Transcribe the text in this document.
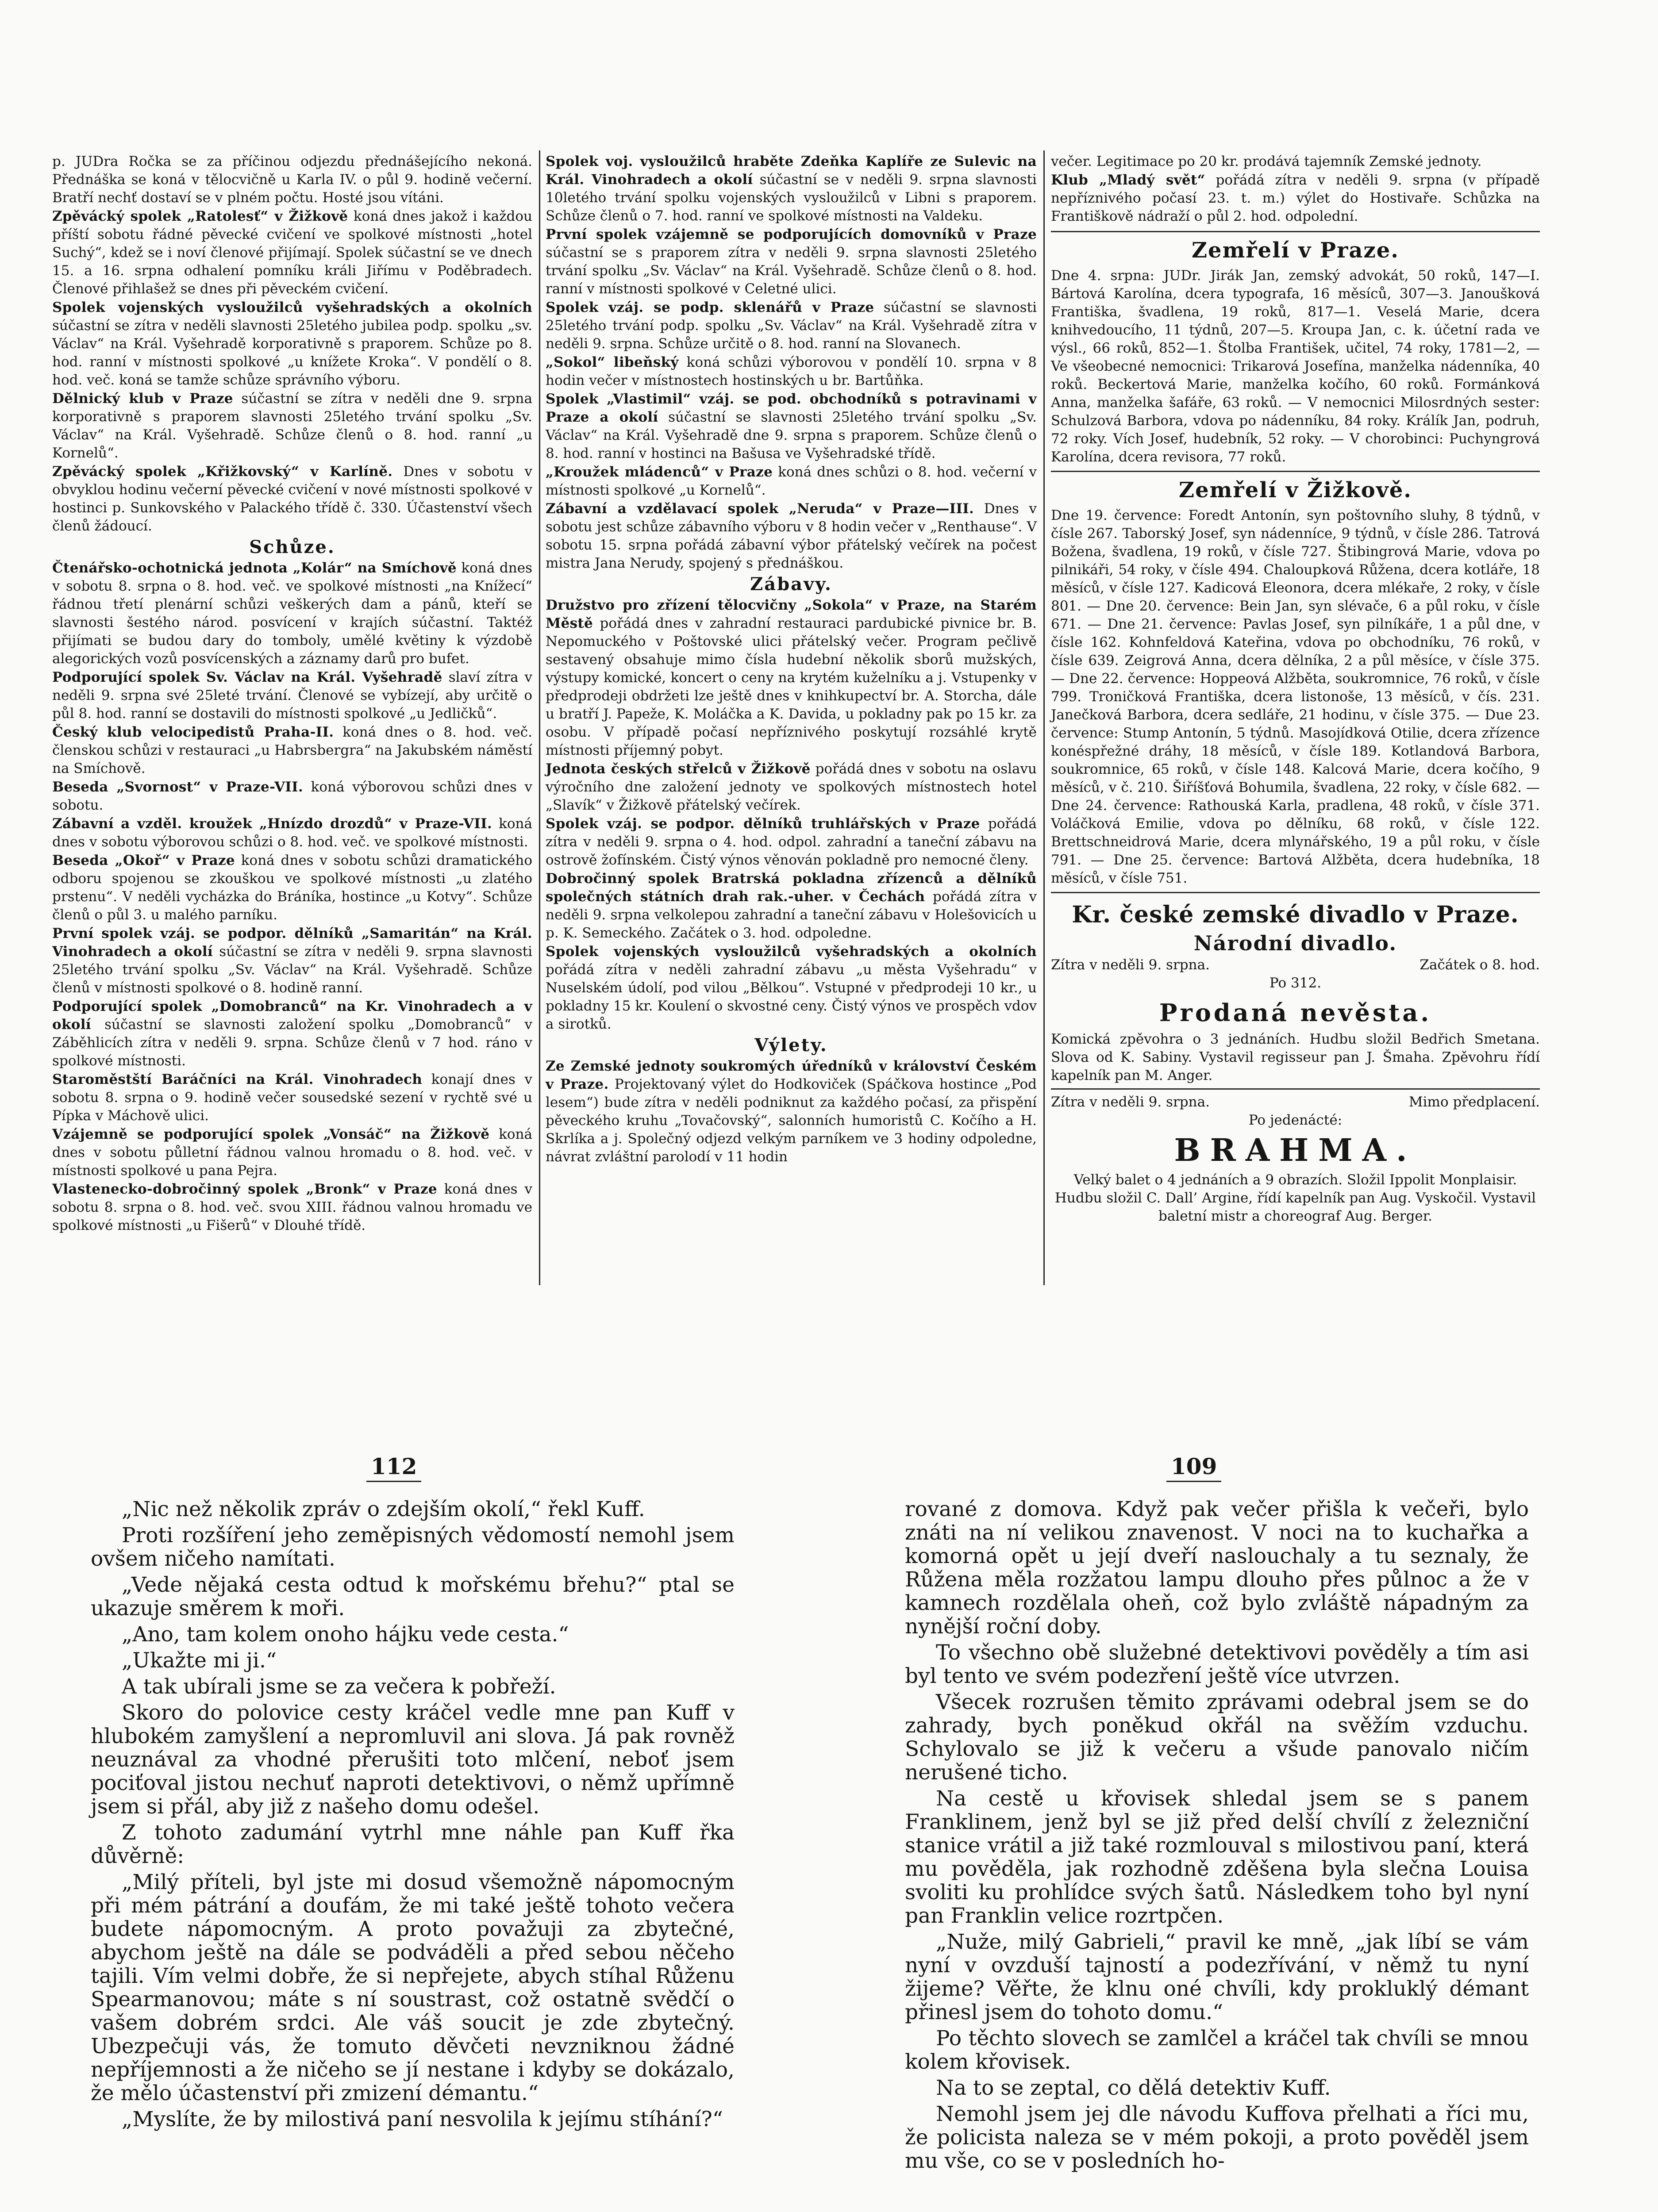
p. JUDra Ročka se za příčinou odjezdu přednášejícího nekoná. Přednáška se koná v tělocvičně u Karla IV. o půl 9. hodině večerní. Bratří nechť dostaví se v plném počtu. Hosté jsou vítáni.

Zpěvácký spolek „Ratolesť“ v Žižkově koná dnes jakož i každou příští sobotu řádné pěvecké cvičení ve spolkové místnosti „hotel Suchý“, kdež se i noví členové přijímají. Spolek súčastní se ve dnech 15. a 16. srpna odhalení pomníku králi Jiřímu v Poděbradech. Členové přihlašež se dnes při pěveckém cvičení.

Spolek vojenských vysloužilců vyšehradských a okolních súčastní se zítra v neděli slavnosti 25letého jubilea podp. spolku „sv. Václav“ na Král. Vyšehradě korporativně s praporem. Schůze po 8. hod. ranní v místnosti spolkové „u knížete Kroka“. V pondělí o 8. hod. več. koná se tamže schůze správního výboru.

Dělnický klub v Praze súčastní se zítra v neděli dne 9. srpna korporativně s praporem slavnosti 25letého trvání spolku „Sv. Václav“ na Král. Vyšehradě. Schůze členů o 8. hod. ranní „u Kornelů“.

Zpěvácký spolek „Křižkovský“ v Karlíně. Dnes v sobotu v obvyklou hodinu večerní pěvecké cvičení v nové místnosti spolkové v hostinci p. Sunkovského v Palackého třídě č. 330. Účastenství všech členů žádoucí.

Schůze.

Čtenářsko-ochotnická jednota „Kolár“ na Smíchově koná dnes v sobotu 8. srpna o 8. hod. več. ve spolkové místnosti „na Knížecí“ řádnou třetí plenární schůzi veškerých dam a pánů, kteří se slavnosti šestého národ. posvícení v krajích súčastní. Taktéž přijímati se budou dary do tomboly, umělé květiny k výzdobě alegorických vozů posvícenských a záznamy darů pro bufet.

Podporující spolek Sv. Václav na Král. Vyšehradě slaví zítra v neděli 9. srpna své 25leté trvání. Členové se vybízejí, aby určitě o půl 8. hod. ranní se dostavili do místnosti spolkové „u Jedličků“.

Český klub velocipedistů Praha-II. koná dnes o 8. hod. več. členskou schůzi v restauraci „u Habrsbergra“ na Jakubském náměstí na Smíchově.

Beseda „Svornost“ v Praze-VII. koná výborovou schůzi dnes v sobotu.

Zábavní a vzděl. kroužek „Hnízdo drozdů“ v Praze-VII. koná dnes v sobotu výborovou schůzi o 8. hod. več. ve spolkové místnosti.

Beseda „Okoř“ v Praze koná dnes v sobotu schůzi dramatického odboru spojenou se zkouškou ve spolkové místnosti „u zlatého prstenu“. V neděli vycházka do Bráníka, hostince „u Kotvy“. Schůze členů o půl 3. u malého parníku.

První spolek vzáj. se podpor. dělníků „Samaritán“ na Král. Vinohradech a okolí súčastní se zítra v neděli 9. srpna slavnosti 25letého trvání spolku „Sv. Václav“ na Král. Vyšehradě. Schůze členů v místnosti spolkové o 8. hodině ranní.

Podporující spolek „Domobranců“ na Kr. Vinohradech a v okolí súčastní se slavnosti založení spolku „Domobranců“ v Záběhlicích zítra v neděli 9. srpna. Schůze členů v 7 hod. ráno v spolkové místnosti.

Staroměstští Baráčníci na Král. Vinohradech konají dnes v sobotu 8. srpna o 9. hodině večer sousedské sezení v rychtě své u Pípka v Máchově ulici.

Vzájemně se podporující spolek „Vonsáč“ na Žižkově koná dnes v sobotu půlletní řádnou valnou hromadu o 8. hod. več. v místnosti spolkové u pana Pejra.

Vlastenecko-dobročinný spolek „Bronk“ v Praze koná dnes v sobotu 8. srpna o 8. hod. več. svou XIII. řádnou valnou hromadu ve spolkové místnosti „u Fišerů“ v Dlouhé třídě.

Spolek voj. vysloužilců hraběte Zdeňka Kaplíře ze Sulevic na Král. Vinohradech a okolí súčastní se v neděli 9. srpna slavnosti 10letého trvání spolku vojenských vysloužilců v Libni s praporem. Schůze členů o 7. hod. ranní ve spolkové místnosti na Valdeku.

První spolek vzájemně se podporujících domovníků v Praze súčastní se s praporem zítra v neděli 9. srpna slavnosti 25letého trvání spolku „Sv. Václav“ na Král. Vyšehradě. Schůze členů o 8. hod. ranní v místnosti spolkové v Celetné ulici.

Spolek vzáj. se podp. sklenářů v Praze súčastní se slavnosti 25letého trvání podp. spolku „Sv. Václav“ na Král. Vyšehradě zítra v neděli 9. srpna. Schůze určitě o 8. hod. ranní na Slovanech.

„Sokol“ libeňský koná schůzi výborovou v pondělí 10. srpna v 8 hodin večer v místnostech hostinských u br. Bartůňka.

Spolek „Vlastimil“ vzáj. se pod. obchodníků s potravinami v Praze a okolí súčastní se slavnosti 25letého trvání spolku „Sv. Václav“ na Král. Vyšehradě dne 9. srpna s praporem. Schůze členů o 8. hod. ranní v hostinci na Bašusa ve Vyšehradské třídě.

„Kroužek mládenců“ v Praze koná dnes schůzi o 8. hod. večerní v místnosti spolkové „u Kornelů“.

Zábavní a vzdělavací spolek „Neruda“ v Praze—III. Dnes v sobotu jest schůze zábavního výboru v 8 hodin večer v „Renthause“. V sobotu 15. srpna pořádá zábavní výbor přátelský večírek na počest mistra Jana Nerudy, spojený s přednáškou.

Zábavy.

Družstvo pro zřízení tělocvičny „Sokola“ v Praze, na Starém Městě pořádá dnes v zahradní restauraci pardubické pivnice br. B. Nepomuckého v Poštovské ulici přátelský večer. Program pečlivě sestavený obsahuje mimo čísla hudební několik sborů mužských, výstupy komické, koncert o ceny na krytém kuželníku a j. Vstupenky v předprodeji obdržeti lze ještě dnes v knihkupectví br. A. Storcha, dále u bratří J. Papeže, K. Moláčka a K. Davida, u pokladny pak po 15 kr. za osobu. V případě počasí nepříznivého poskytují rozsáhlé krytě místnosti příjemný pobyt.

Jednota českých střelců v Žižkově pořádá dnes v sobotu na oslavu výročního dne založení jednoty ve spolkových místnostech hotel „Slavík“ v Žižkově přátelský večírek.

Spolek vzáj. se podpor. dělníků truhlářských v Praze pořádá zítra v neděli 9. srpna o 4. hod. odpol. zahradní a taneční zábavu na ostrově žofínském. Čistý výnos věnován pokladně pro nemocné členy.

Dobročinný spolek Bratrská pokladna zřízenců a dělníků společných státních drah rak.-uher. v Čechách pořádá zítra v neděli 9. srpna velkolepou zahradní a taneční zábavu v Holešovicích u p. K. Semeckého. Začátek o 3. hod. odpoledne.

Spolek vojenských vysloužilců vyšehradských a okolních pořádá zítra v neděli zahradní zábavu „u města Vyšehradu“ v Nuselském údolí, pod vilou „Bělkou“. Vstupné v předprodeji 10 kr., u pokladny 15 kr. Koulení o skvostné ceny. Čistý výnos ve prospěch vdov a sirotků.

Výlety.

Ze Zemské jednoty soukromých úředníků v království Českém v Praze. Projektovaný výlet do Hodkoviček (Spáčkova hostince „Pod lesem“) bude zítra v neděli podniknut za každého počasí, za přispění pěveckého kruhu „Tovačovský“, salonních humoristů C. Kočího a H. Skrlíka a j. Společný odjezd velkým parníkem ve 3 hodiny odpoledne, návrat zvláštní parolodí v 11 hodin

večer. Legitimace po 20 kr. prodává tajemník Zemské jednoty.

Klub „Mladý svět“ pořádá zítra v neděli 9. srpna (v případě nepříznivého počasí 23. t. m.) výlet do Hostivaře. Schůzka na Františkově nádraží o půl 2. hod. odpolední.

Zemřelí v Praze.

Dne 4. srpna: JUDr. Jirák Jan, zemský advokát, 50 roků, 147—I. Bártová Karolína, dcera typografa, 16 měsíců, 307—3. Janoušková Františka, švadlena, 19 roků, 817—1. Veselá Marie, dcera knihvedoucího, 11 týdnů, 207—5. Kroupa Jan, c. k. účetní rada ve výsl., 66 roků, 852—1. Štolba František, učitel, 74 roky, 1781—2, — Ve všeobecné nemocnici: Trikarová Josefína, manželka nádenníka, 40 roků. Beckertová Marie, manželka kočího, 60 roků. Formánková Anna, manželka šafáře, 63 roků. — V nemocnici Milosrdných sester: Schulzová Barbora, vdova po nádenníku, 84 roky. Králík Jan, podruh, 72 roky. Vích Josef, hudebník, 52 roky. — V chorobinci: Puchyngrová Karolína, dcera revisora, 77 roků.

Zemřelí v Žižkově.

Dne 19. července: Foredt Antonín, syn poštovního sluhy, 8 týdnů, v čísle 267. Taborský Josef, syn nádenníce, 9 týdnů, v čísle 286. Tatrová Božena, švadlena, 19 roků, v čísle 727. Štibingrová Marie, vdova po pilnikáři, 54 roky, v čísle 494. Chaloupková Růžena, dcera kotláře, 18 měsíců, v čísle 127. Kadicová Eleonora, dcera mlékaře, 2 roky, v čísle 801. — Dne 20. července: Bein Jan, syn slévače, 6 a půl roku, v čísle 671. — Dne 21. července: Pavlas Josef, syn pilníkáře, 1 a půl dne, v čísle 162. Kohnfeldová Kateřina, vdova po obchodníku, 76 roků, v čísle 639. Zeigrová Anna, dcera dělníka, 2 a půl měsíce, v čísle 375. — Dne 22. července: Hoppeová Alžběta, soukromnice, 76 roků, v čísle 799. Troničková Františka, dcera listonoše, 13 měsíců, v čís. 231. Janečková Barbora, dcera sedláře, 21 hodinu, v čísle 375. — Due 23. července: Stump Antonín, 5 týdnů. Masojídková Otilie, dcera zřízence konéspřežné dráhy, 18 měsíců, v čísle 189. Kotlandová Barbora, soukromnice, 65 roků, v čísle 148. Kalcová Marie, dcera kočího, 9 měsíců, v č. 210. Šiříšťová Bohumila, švadlena, 22 roky, v čísle 682. — Dne 24. července: Rathouská Karla, pradlena, 48 roků, v čísle 371. Voláčková Emilie, vdova po dělníku, 68 roků, v čísle 122. Brettschneidrová Marie, dcera mlynářského, 19 a půl roku, v čísle 791. — Dne 25. července: Bartová Alžběta, dcera hudebníka, 18 měsíců, v čísle 751.

Kr. české zemské divadlo v Praze.
Národní divadlo.
Zítra v neděli 9. srpna.	Začátek o 8. hod.
Po 312.
Prodaná nevěsta.

Komická zpěvohra o 3 jednáních. Hudbu složil Bedřich Smetana. Slova od K. Sabiny. Vystavil regisseur pan J. Šmaha. Zpěvohru řídí kapelník pan M. Anger.

Zítra v neděli 9. srpna.	Mimo předplacení.
Po jedenácté:
BRAHMA.

Velký balet o 4 jednáních a 9 obrazích. Složil Ippolit Monplaisir. Hudbu složil C. Dall’ Argine, řídí kapelník pan Aug. Vyskočil. Vystavil baletní mistr a choreograf Aug. Berger.

112	109

„Nic než několik zpráv o zdejším okolí,“ řekl Kuff.

Proti rozšíření jeho zeměpisných vědomostí nemohl jsem ovšem ničeho namítati.

„Vede nějaká cesta odtud k mořskému břehu?“ ptal se ukazuje směrem k moři.

„Ano, tam kolem onoho hájku vede cesta.“

„Ukažte mi ji.“

A tak ubírali jsme se za večera k pobřeží.

Skoro do polovice cesty kráčel vedle mne pan Kuff v hlubokém zamyšlení a nepromluvil ani slova. Já pak rovněž neuznával za vhodné přerušiti toto mlčení, neboť jsem pociťoval jistou nechuť naproti detektivovi, o němž upřímně jsem si přál, aby již z našeho domu odešel.

Z tohoto zadumání vytrhl mne náhle pan Kuff řka důvěrně:

„Milý příteli, byl jste mi dosud všemožně nápomocným při mém pátrání a doufám, že mi také ještě tohoto večera budete nápomocným. A proto považuji za zbytečné, abychom ještě na dále se podváděli a před sebou něčeho tajili. Vím velmi dobře, že si nepřejete, abych stíhal Růženu Spearmanovou; máte s ní soustrast, což ostatně svědčí o vašem dobrém srdci. Ale váš soucit je zde zbytečný. Ubezpečuji vás, že tomuto děvčeti nevzniknou žádné nepříjemnosti a že ničeho se jí nestane i kdyby se dokázalo, že mělo účastenství při zmizení démantu.“

„Myslíte, že by milostivá paní nesvolila k jejímu stíhání?“

rované z domova. Když pak večer přišla k večeři, bylo znáti na ní velikou znavenost. V noci na to kuchařka a komorná opět u její dveří naslouchaly a tu seznaly, že Růžena měla rozžatou lampu dlouho přes půlnoc a že v kamnech rozdělala oheň, což bylo zvláště nápadným za nynější roční doby.

To všechno obě služebné detektivovi pověděly a tím asi byl tento ve svém podezření ještě více utvrzen.

Všecek rozrušen těmito zprávami odebral jsem se do zahrady, bych poněkud okřál na svěžím vzduchu. Schylovalo se již k večeru a všude panovalo ničím nerušené ticho.

Na cestě u křovisek shledal jsem se s panem Franklinem, jenž byl se již před delší chvílí z železniční stanice vrátil a již také rozmlouval s milostivou paní, která mu pověděla, jak rozhodně zděšena byla slečna Louisa svoliti ku prohlídce svých šatů. Následkem toho byl nyní pan Franklin velice rozrtpčen.

„Nuže, milý Gabrieli,“ pravil ke mně, „jak líbí se vám nyní v ovzduší tajností a podezřívání, v němž tu nyní žijeme? Věřte, že klnu oné chvíli, kdy prokluklý démant přinesl jsem do tohoto domu.“

Po těchto slovech se zamlčel a kráčel tak chvíli se mnou kolem křovisek.

Na to se zeptal, co dělá detektiv Kuff.

Nemohl jsem jej dle návodu Kuffova přelhati a říci mu, že policista naleza se v mém pokoji, a proto pověděl jsem mu vše, co se v posledních ho-
